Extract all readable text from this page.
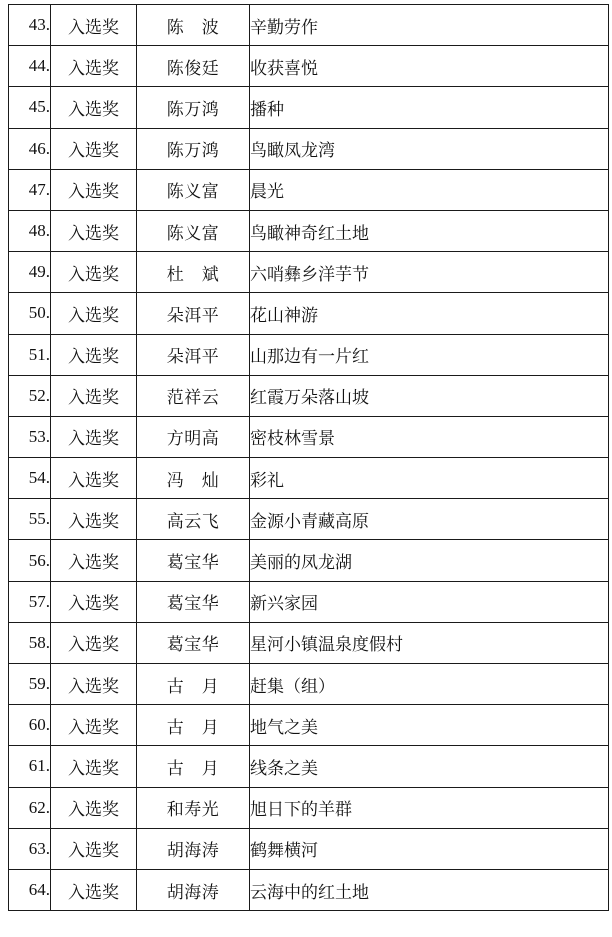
43.	入选奖	陈　波	辛勤劳作
44.	入选奖	陈俊廷	收获喜悦
45.	入选奖	陈万鸿	播种
46.	入选奖	陈万鸿	鸟瞰凤龙湾
47.	入选奖	陈义富	晨光
48.	入选奖	陈义富	鸟瞰神奇红土地
49.	入选奖	杜　斌	六哨彝乡洋芋节
50.	入选奖	朵洱平	花山神游
51.	入选奖	朵洱平	山那边有一片红
52.	入选奖	范祥云	红霞万朵落山坡
53.	入选奖	方明高	密枝林雪景
54.	入选奖	冯　灿	彩礼
55.	入选奖	高云飞	金源小青藏高原
56.	入选奖	葛宝华	美丽的凤龙湖
57.	入选奖	葛宝华	新兴家园
58.	入选奖	葛宝华	星河小镇温泉度假村
59.	入选奖	古　月	赶集（组）
60.	入选奖	古　月	地气之美
61.	入选奖	古　月	线条之美
62.	入选奖	和寿光	旭日下的羊群
63.	入选奖	胡海涛	鹤舞横河
64.	入选奖	胡海涛	云海中的红土地
